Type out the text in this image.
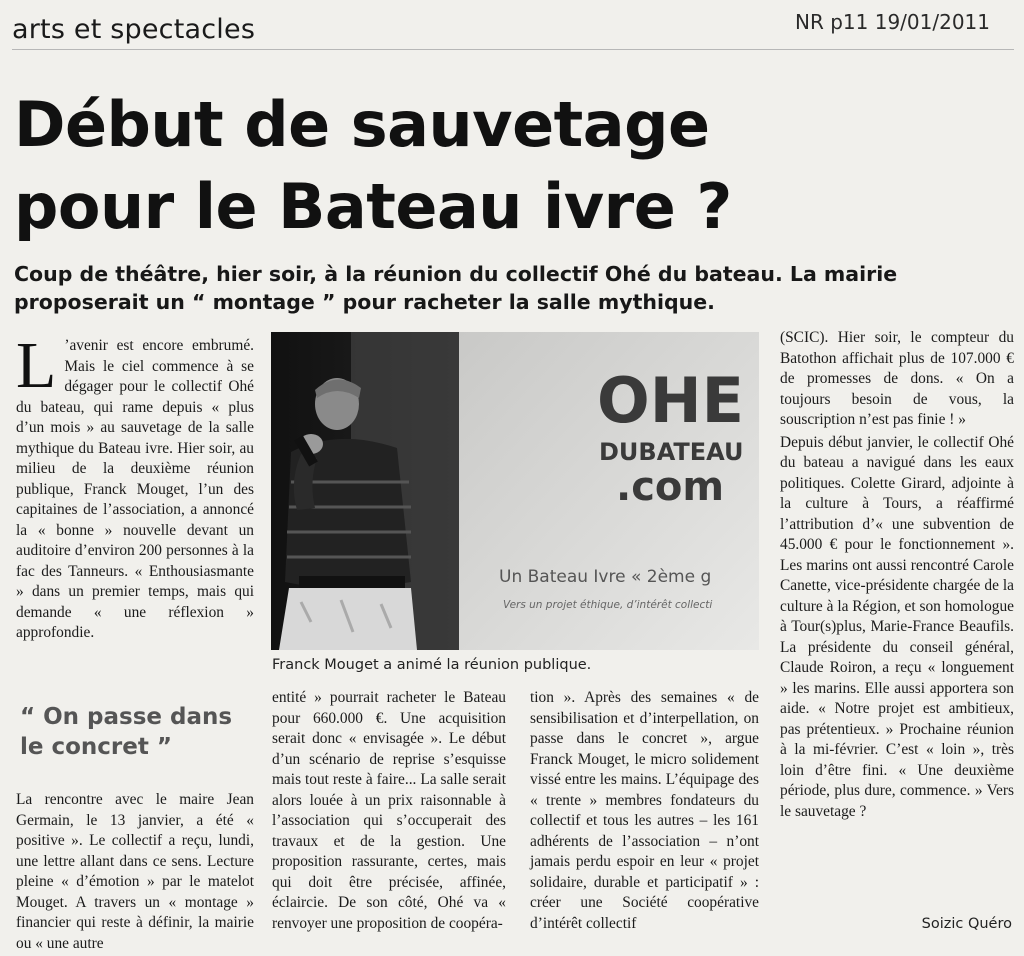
arts et spectacles	NR p11 19/01/2011
Début de sauvetage
pour le Bateau ivre ?

Coup de théâtre, hier soir, à la réunion du collectif Ohé du bateau. La mairie proposerait un “ montage ” pour racheter la salle mythique.

L ’avenir est encore embrumé. Mais le ciel commence à se dégager pour le collectif Ohé du bateau, qui rame depuis « plus d’un mois » au sauvetage de la salle mythique du Bateau ivre. Hier soir, au milieu de la deuxième réunion publique, Franck Mouget, l’un des capitaines de l’association, a annoncé la « bonne » nouvelle devant un auditoire d’environ 200 personnes à la fac des Tanneurs. « Enthousiasmante » dans un premier temps, mais qui demande « une réflexion » approfondie.

“ On passe dans le concret ”

La rencontre avec le maire Jean Germain, le 13 janvier, a été « positive ». Le collectif a reçu, lundi, une lettre allant dans ce sens. Lecture pleine « d’émotion » par le matelot Mouget. A travers un « montage » financier qui reste à définir, la mairie ou « une autre

OHE
DUBATEAU
.com
Un Bateau Ivre « 2ème g
Vers un projet éthique, d’intérêt collecti
Franck Mouget a animé la réunion publique.

entité » pourrait racheter le Bateau pour 660.000 €. Une acquisition serait donc « envisagée ». Le début d’un scénario de reprise s’esquisse mais tout reste à faire... La salle serait alors louée à un prix raisonnable à l’association qui s’occuperait des travaux et de la gestion. Une proposition rassurante, certes, mais qui doit être précisée, affinée, éclaircie. De son côté, Ohé va « renvoyer une proposition de coopéra-

tion ». Après des semaines « de sensibilisation et d’interpellation, on passe dans le concret », argue Franck Mouget, le micro solidement vissé entre les mains. L’équipage des « trente » membres fondateurs du collectif et tous les autres – les 161 adhérents de l’association – n’ont jamais perdu espoir en leur « projet solidaire, durable et participatif » : créer une Société coopérative d’intérêt collectif

(SCIC). Hier soir, le compteur du Batothon affichait plus de 107.000 € de promesses de dons. « On a toujours besoin de vous, la souscription n’est pas finie ! »

Depuis début janvier, le collectif Ohé du bateau a navigué dans les eaux politiques. Colette Girard, adjointe à la culture à Tours, a réaffirmé l’attribution d’« une subvention de 45.000 € pour le fonctionnement ». Les marins ont aussi rencontré Carole Canette, vice-présidente chargée de la culture à la Région, et son homologue à Tour(s)plus, Marie-France Beaufils. La présidente du conseil général, Claude Roiron, a reçu « longuement » les marins. Elle aussi apportera son aide. « Notre projet est ambitieux, pas prétentieux. » Prochaine réunion à la mi-février. C’est « loin », très loin d’être fini. « Une deuxième période, plus dure, commence. » Vers le sauvetage ?

Soizic Quéro
